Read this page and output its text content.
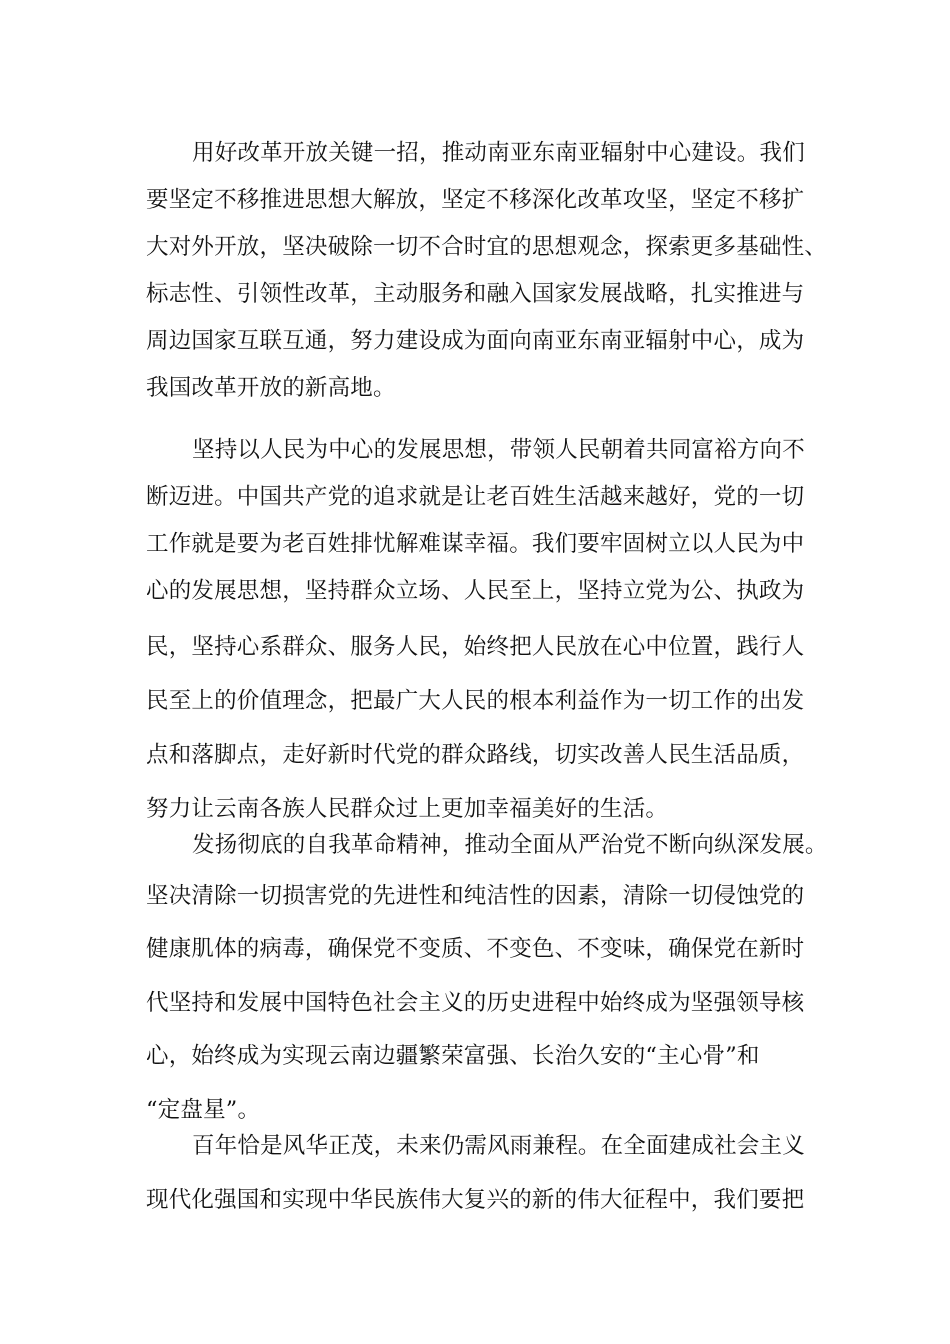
用好改革开放关键一招，推动南亚东南亚辐射中心建设。我们
要坚定不移推进思想大解放，坚定不移深化改革攻坚，坚定不移扩
大对外开放，坚决破除一切不合时宜的思想观念，探索更多基础性、
标志性、引领性改革，主动服务和融入国家发展战略，扎实推进与
周边国家互联互通，努力建设成为面向南亚东南亚辐射中心，成为
我国改革开放的新高地。
坚持以人民为中心的发展思想，带领人民朝着共同富裕方向不
断迈进。中国共产党的追求就是让老百姓生活越来越好，党的一切
工作就是要为老百姓排忧解难谋幸福。我们要牢固树立以人民为中
心的发展思想，坚持群众立场、人民至上，坚持立党为公、执政为
民，坚持心系群众、服务人民，始终把人民放在心中位置，践行人
民至上的价值理念，把最广大人民的根本利益作为一切工作的出发
点和落脚点，走好新时代党的群众路线，切实改善人民生活品质，
努力让云南各族人民群众过上更加幸福美好的生活。
发扬彻底的自我革命精神，推动全面从严治党不断向纵深发展。
坚决清除一切损害党的先进性和纯洁性的因素，清除一切侵蚀党的
健康肌体的病毒，确保党不变质、不变色、不变味，确保党在新时
代坚持和发展中国特色社会主义的历史进程中始终成为坚强领导核
心，始终成为实现云南边疆繁荣富强、长治久安的“主心骨”和
“定盘星”。
百年恰是风华正茂，未来仍需风雨兼程。在全面建成社会主义
现代化强国和实现中华民族伟大复兴的新的伟大征程中，我们要把
